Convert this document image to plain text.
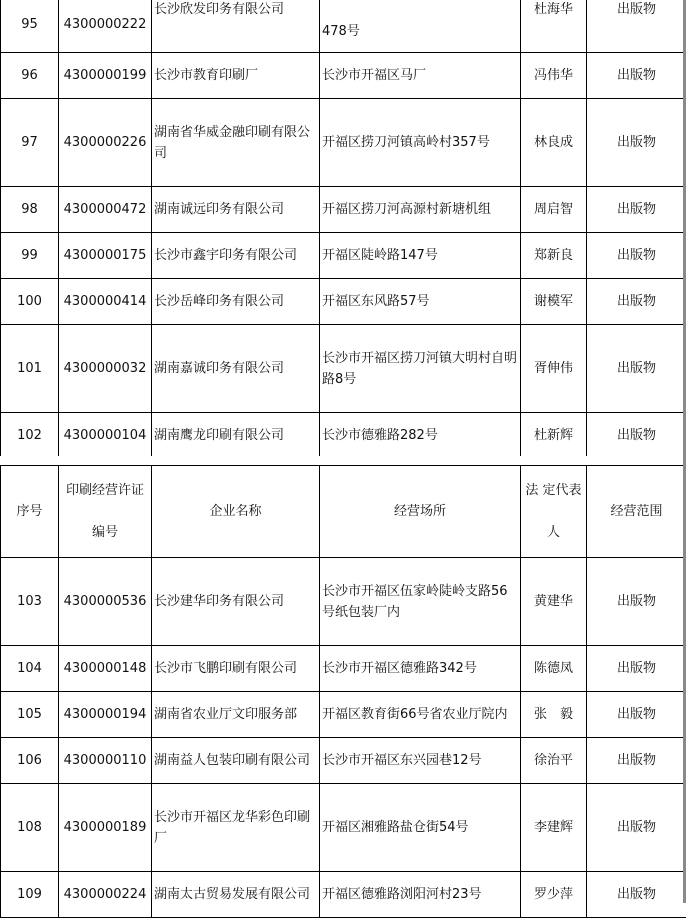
95	4300000222	长沙欣发印务有限公司	478号	杜海华	出版物
96	4300000199	长沙市教育印刷厂	长沙市开福区马厂	冯伟华	出版物
97	4300000226	湖南省华威金融印刷有限公司	开福区捞刀河镇高岭村357号	林良成	出版物
98	4300000472	湖南诚远印务有限公司	开福区捞刀河高源村新塘机组	周启智	出版物
99	4300000175	长沙市鑫宇印务有限公司	开福区陡岭路147号	郑新良	出版物
100	4300000414	长沙岳峰印务有限公司	开福区东风路57号	谢模军	出版物
101	4300000032	湖南嘉诚印务有限公司	长沙市开福区捞刀河镇大明村自明路8号	胥伸伟	出版物
102	4300000104	湖南鹰龙印刷有限公司	长沙市德雅路282号	杜新辉	出版物
序号	印刷经营许证编号	企业名称	经营场所	法 定代表人	经营范围
103	4300000536	长沙建华印务有限公司	长沙市开福区伍家岭陡岭支路56号纸包装厂内	黄建华	出版物
104	4300000148	长沙市飞鹏印刷有限公司	长沙市开福区德雅路342号	陈德凤	出版物
105	4300000194	湖南省农业厅文印服务部	开福区教育街66号省农业厅院内	张　毅	出版物
106	4300000110	湖南益人包装印刷有限公司	长沙市开福区东兴园巷12号	徐治平	出版物
108	4300000189	长沙市开福区龙华彩色印刷厂	开福区湘雅路盐仓街54号	李建辉	出版物
109	4300000224	湖南太古贸易发展有限公司	开福区德雅路浏阳河村23号	罗少萍	出版物
